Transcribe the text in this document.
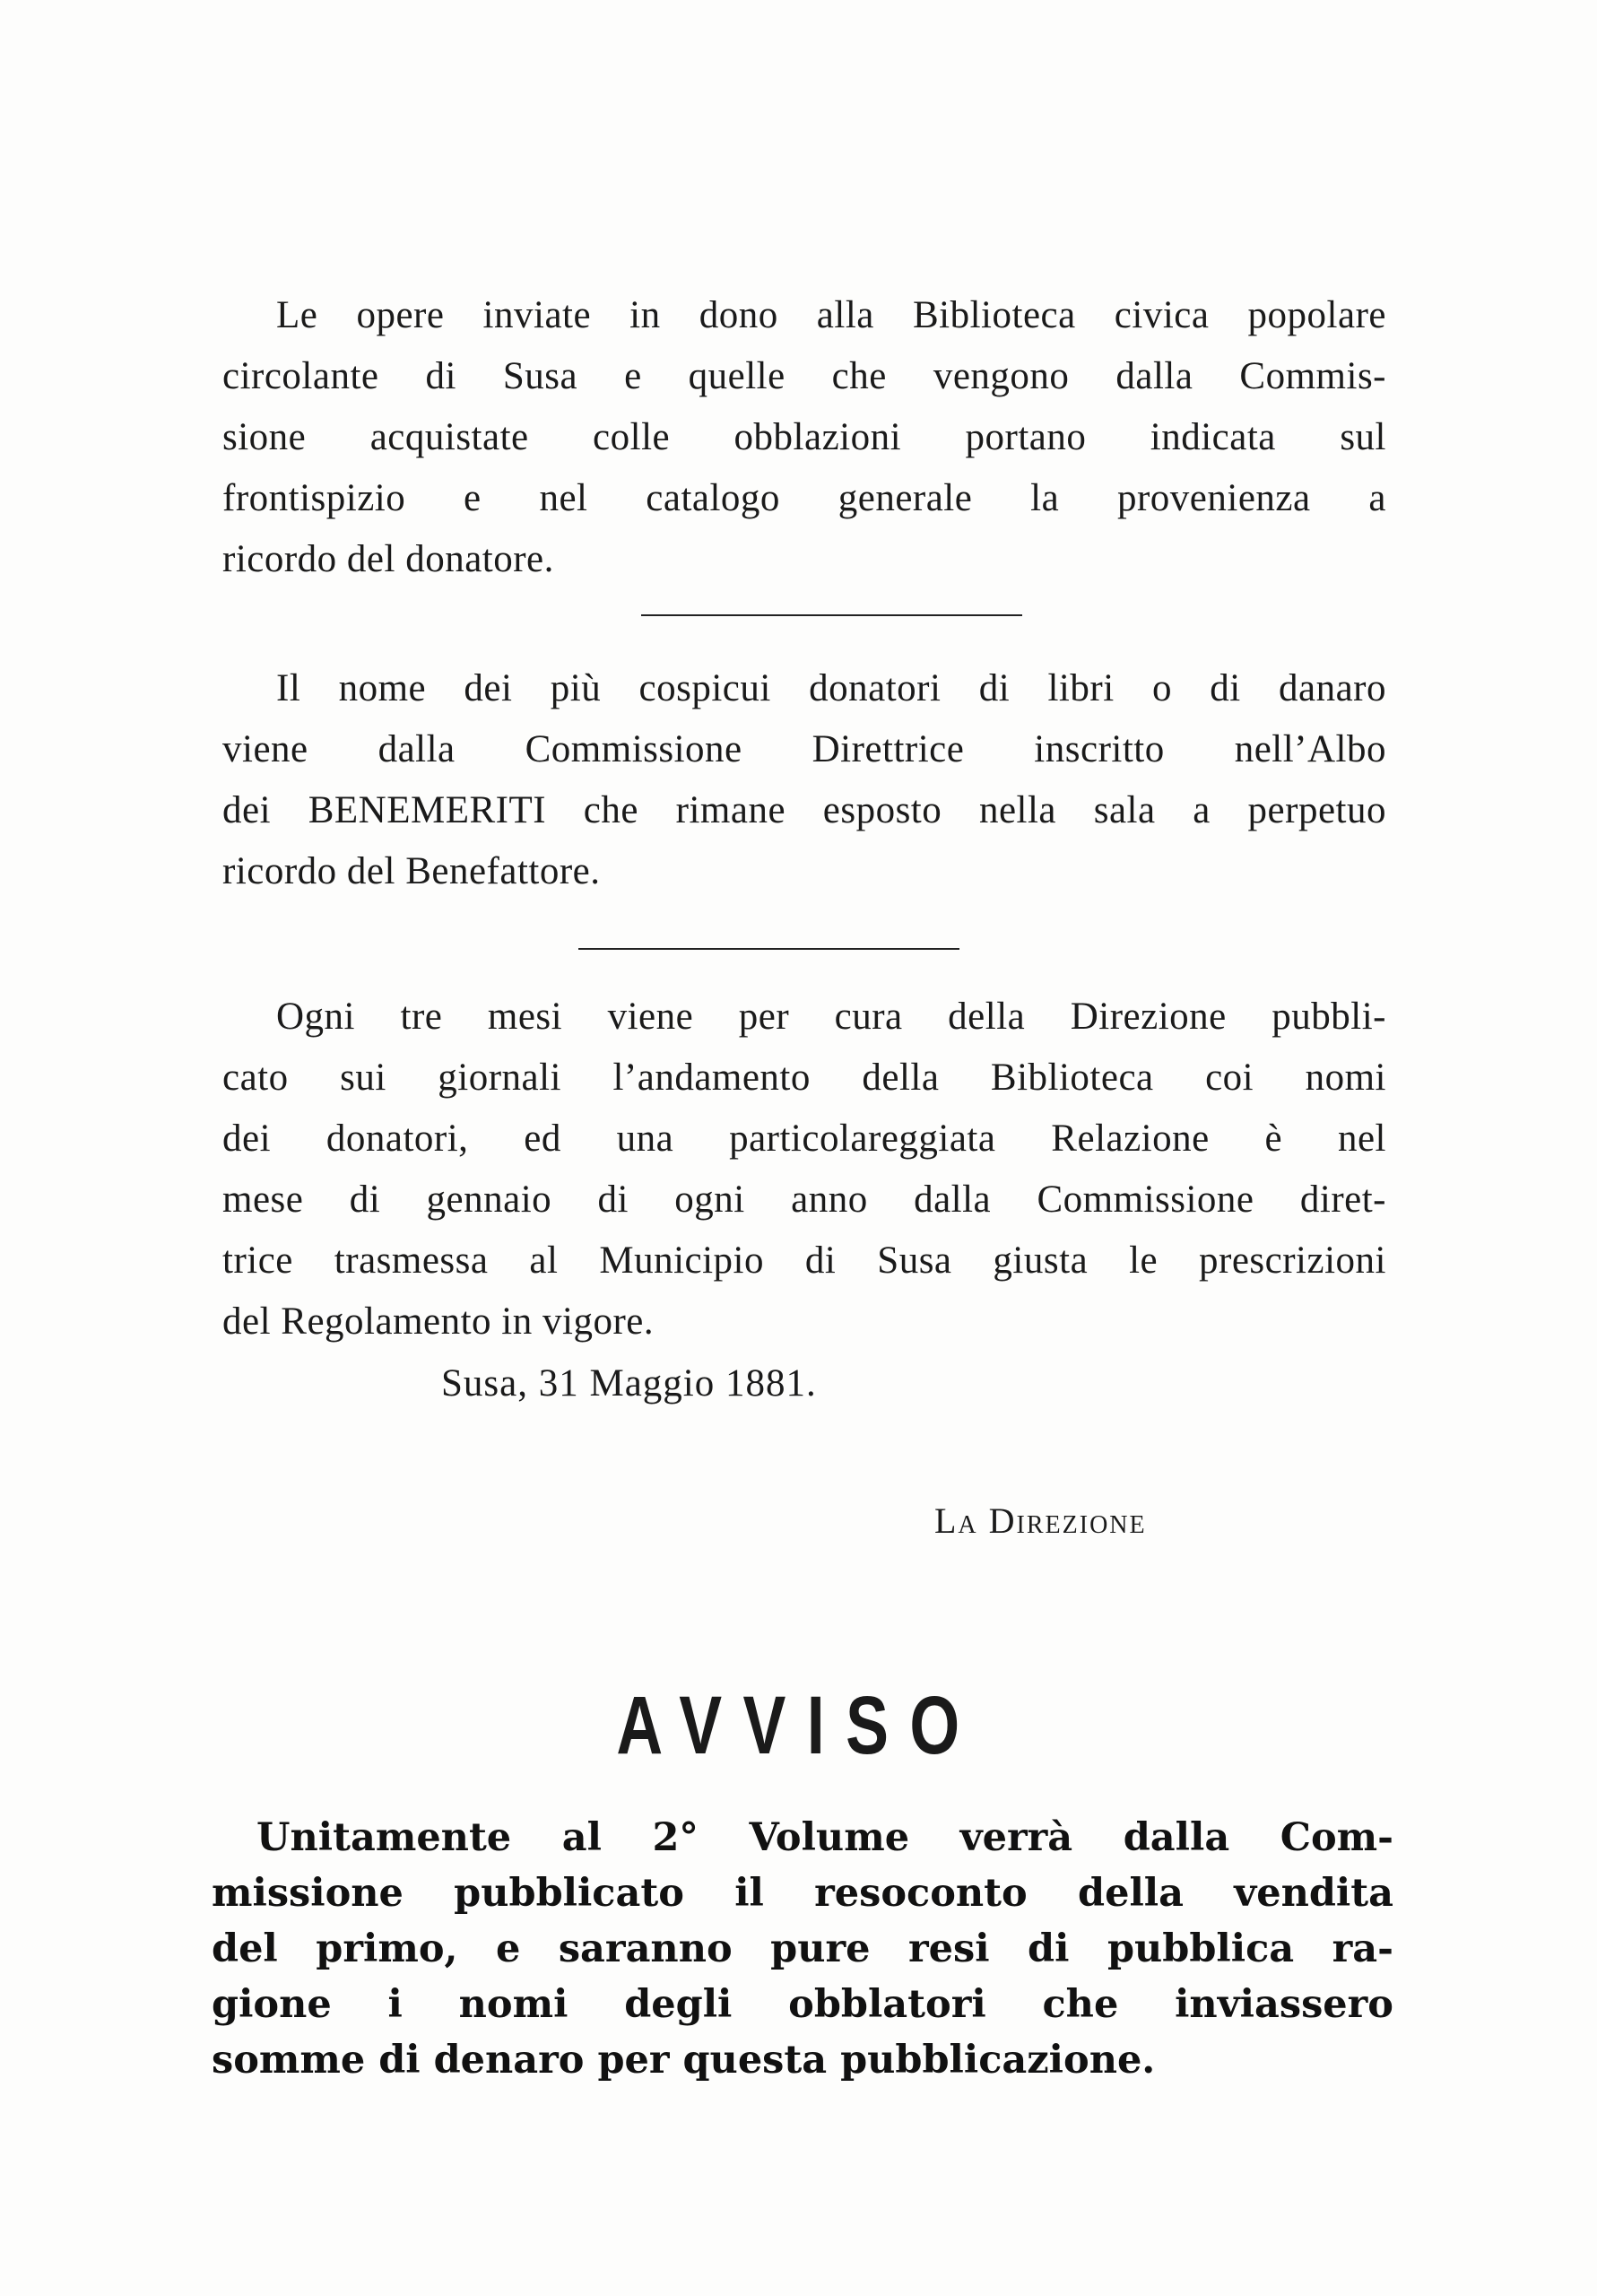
Le opere inviate in dono alla Biblioteca civica popolare
circolante di Susa e quelle che vengono dalla Commis-
sione acquistate colle obblazioni portano indicata sul
frontispizio e nel catalogo generale la provenienza a
ricordo del donatore.
Il nome dei più cospicui donatori di libri o di danaro
viene dalla Commissione Direttrice inscritto nell’Albo
dei BENEMERITI che rimane esposto nella sala a perpetuo
ricordo del Benefattore.
Ogni tre mesi viene per cura della Direzione pubbli-
cato sui giornali l’andamento della Biblioteca coi nomi
dei donatori, ed una particolareggiata Relazione è nel
mese di gennaio di ogni anno dalla Commissione diret-
trice trasmessa al Municipio di Susa giusta le prescrizioni
del Regolamento in vigore.

Susa, 31 Maggio 1881.

La Direzione

AVVISO
Unitamente al 2° Volume verrà dalla Com-
missione pubblicato il resoconto della vendita
del primo, e saranno pure resi di pubblica ra-
gione i nomi degli obblatori che inviassero
somme di denaro per questa pubblicazione.
